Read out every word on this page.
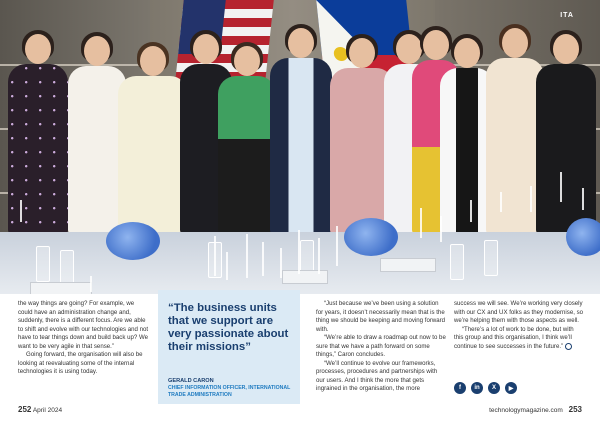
ITA

the way things are going? For example, we could have an administration change and, suddenly, there is a different focus. Are we able to shift and evolve with our technologies and not have to tear things down and build back up? We want to be very agile in that sense.”

Going forward, the organisation will also be looking at reevaluating some of the internal technologies it is using today.

“The business units that we support are very passionate about their missions”
GERALD CARON
CHIEF INFORMATION OFFICER, INTERNATIONAL TRADE ADMINISTRATION

“Just because we’ve been using a solution for years, it doesn’t necessarily mean that is the thing we should be keeping and moving forward with.

“We’re able to draw a roadmap out now to be sure that we have a path forward on some things,” Caron concludes.

“We’ll continue to evolve our frameworks, processes, procedures and partnerships with our users. And I think the more that gets ingrained in the organisation, the more

success we will see. We’re working very closely with our CX and UX folks as they modernise, so we’re helping them with those aspects as well.

“There’s a lot of work to be done, but with this group and this organisation, I think we’ll continue to see successes in the future.”

f	in	X	▶
252 April 2024	technologymagazine.com 253
